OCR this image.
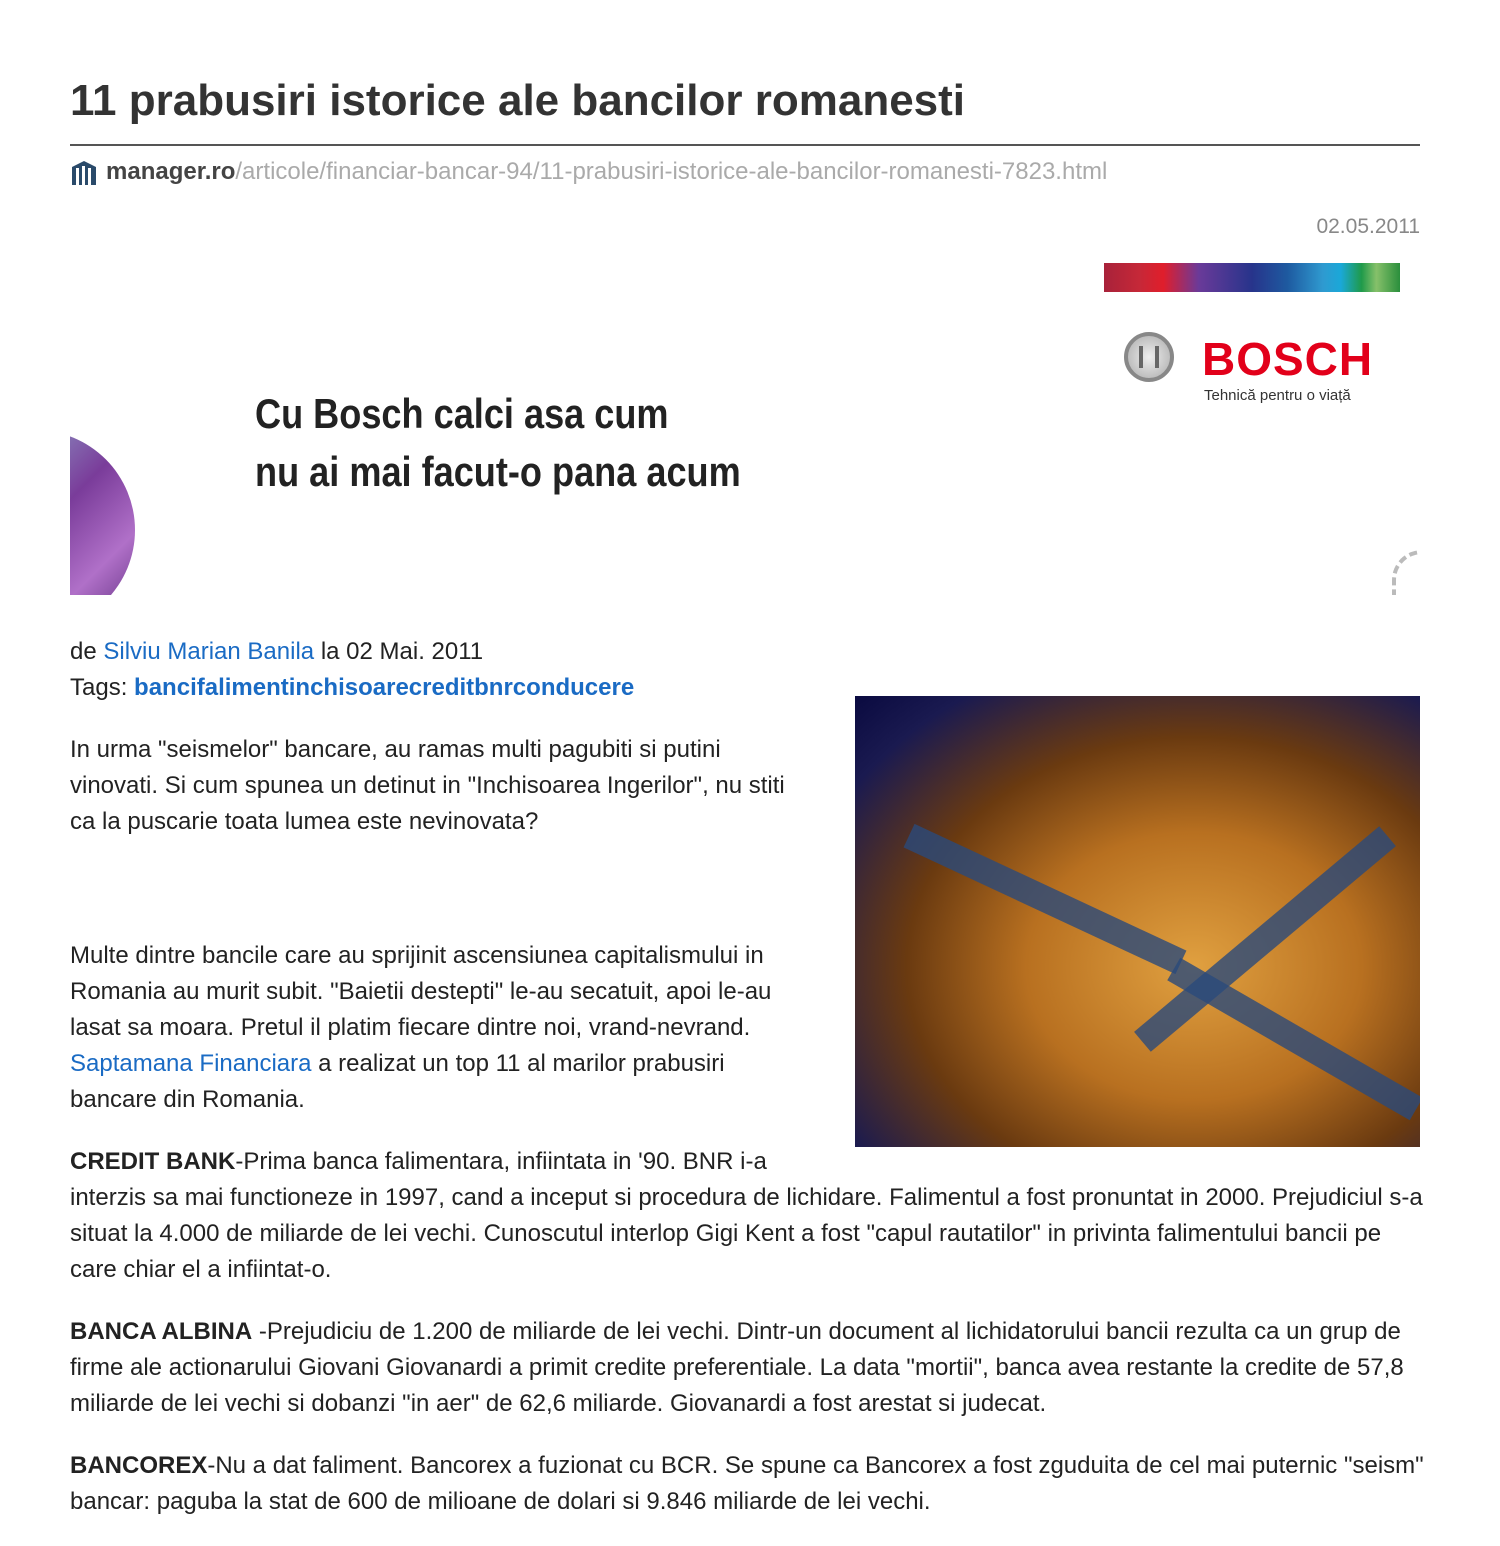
11 prabusiri istorice ale bancilor romanesti
manager.ro /articole/financiar-bancar-94/11-prabusiri-istorice-ale-bancilor-romanesti-7823.html
02.05.2011
BOSCH
Tehnică pentru o viață
Cu Bosch calci asa cum
nu ai mai facut-o pana acum

de Silviu Marian Banila la 02 Mai. 2011

Tags: bancifalimentinchisoarecreditbnrconducere

In urma "seismelor" bancare, au ramas multi pagubiti si putini vinovati. Si cum spunea un detinut in "Inchisoarea Ingerilor", nu stiti ca la puscarie toata lumea este nevinovata?

Multe dintre bancile care au sprijinit ascensiunea capitalismului in Romania au murit subit. "Baietii destepti" le-au secatuit, apoi le-au lasat sa moara. Pretul il platim fiecare dintre noi, vrand-nevrand. Saptamana Financiara a realizat un top 11 al marilor prabusiri bancare din Romania.

CREDIT BANK-Prima banca falimentara, infiintata in '90. BNR i-a interzis sa mai functioneze in 1997, cand a inceput si procedura de lichidare. Falimentul a fost pronuntat in 2000. Prejudiciul s-a situat la 4.000 de miliarde de lei vechi. Cunoscutul interlop Gigi Kent a fost "capul rautatilor" in privinta falimentului bancii pe care chiar el a infiintat-o.

BANCA ALBINA -Prejudiciu de 1.200 de miliarde de lei vechi. Dintr-un document al lichidatorului bancii rezulta ca un grup de firme ale actionarului Giovani Giovanardi a primit credite preferentiale. La data "mortii", banca avea restante la credite de 57,8 miliarde de lei vechi si dobanzi "in aer" de 62,6 miliarde. Giovanardi a fost arestat si judecat.

BANCOREX-Nu a dat faliment. Bancorex a fuzionat cu BCR. Se spune ca Bancorex a fost zguduita de cel mai puternic "seism" bancar: paguba la stat de 600 de milioane de dolari si 9.846 miliarde de lei vechi.
